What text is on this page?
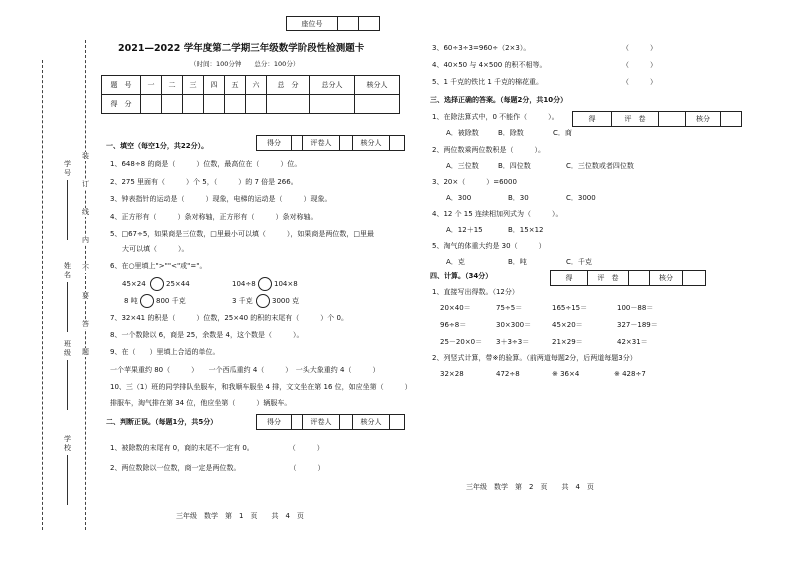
座位号		
学号
姓名
班级
学校
装
订
线
内
不
要
答
题
2021—2022 学年度第二学期三年级数学阶段性检测题卡
（时间：100分钟　　总分：100分）
题　号	一	二	三	四	五	六	总　分	总分人	核分人
得　分									
一、填空（每空1分，共22分）。	得分		评卷人		核分人	
1、648÷8 的商是（　　　）位数，最高位在（　　　）位。
2、275 里面有（　　　）个 5，（　　　）的 7 倍是 266。
3、钟表指针的运动是（　　　）现象，电梯的运动是（　　　）现象。
4、正方形有（　　　）条对称轴，正方形有（　　　）条对称轴。
5、□67÷5，如果商是三位数，□里最小可以填（　　　），如果商是两位数，□里最
大可以填（　　　）。
6、在○里填上">""<"或"="。
45×24	25×44	104÷8	104×8
8 吨	800 千克	3 千克	3000 克
7、32×41 的积是（　　　）位数，25×40 的积的末尾有（　　　）个 0。
8、一个数除以 6，商是 25，余数是 4，这个数是（　　　）。
9、在（　　）里填上合适的单位。
一个苹果重约 80（　　　）　　一个西瓜重约 4（　　　）　一头大象重约 4（　　　）
10、三（1）班的同学排队坐服车，和我顺车服坐 4 排，文文坐在第 16 位，如应坐第（　　　）
排服车，淘气排在第 34 位，他应坐第（　　　）辆服车。
二、判断正误。（每题1分，共5分）	得分		评卷人		核分人	
1、被除数的末尾有 0，商的末尾不一定有 0。　　　　　　（　　　）
2、两位数除以一位数，商一定是两位数。　　　　　　　　（　　　）
三年级　数学　第　1　页　　共　4　页
3、60÷3÷3=960÷（2×3）。	（　　　）
4、40×50 与 4×500 的积不相等。	（　　　）
5、1 千克的铁比 1 千克的棉花重。	（　　　）
三、选择正确的答案。（每题2分，共10分）
得	评　卷		核分	
1、在除法算式中，0 不能作（　　　）。
A．被除数	B．除数	C．商
2、两位数乘两位数积是（　　　）。
A．三位数	B．四位数	C．三位数或者四位数
3、20×（　　　）=6000
A．300	B．30	C．3000
4、12 个 15 连续相加列式为（　　　）。
A．12＋15	B．15×12
5、淘气的体重大约是 30（　　　）
A．克	B．吨	C．千克
四、计算。（34分）	得	评　卷		核分	
1、直接写出得数。（12分）
20×40＝	75÷5＝	165÷15＝	100－88＝
96÷8＝	30×300＝	45×20＝	327－189＝
25－20×0＝ 3＋3÷3＝	21×29＝	42×31＝
2、列竖式计算，带※的验算。（前两道每题2分，后两道每题3分）
32×28	472÷8	※ 36×4	※ 428÷7
三年级　数学　第　2　页　　共　4　页
